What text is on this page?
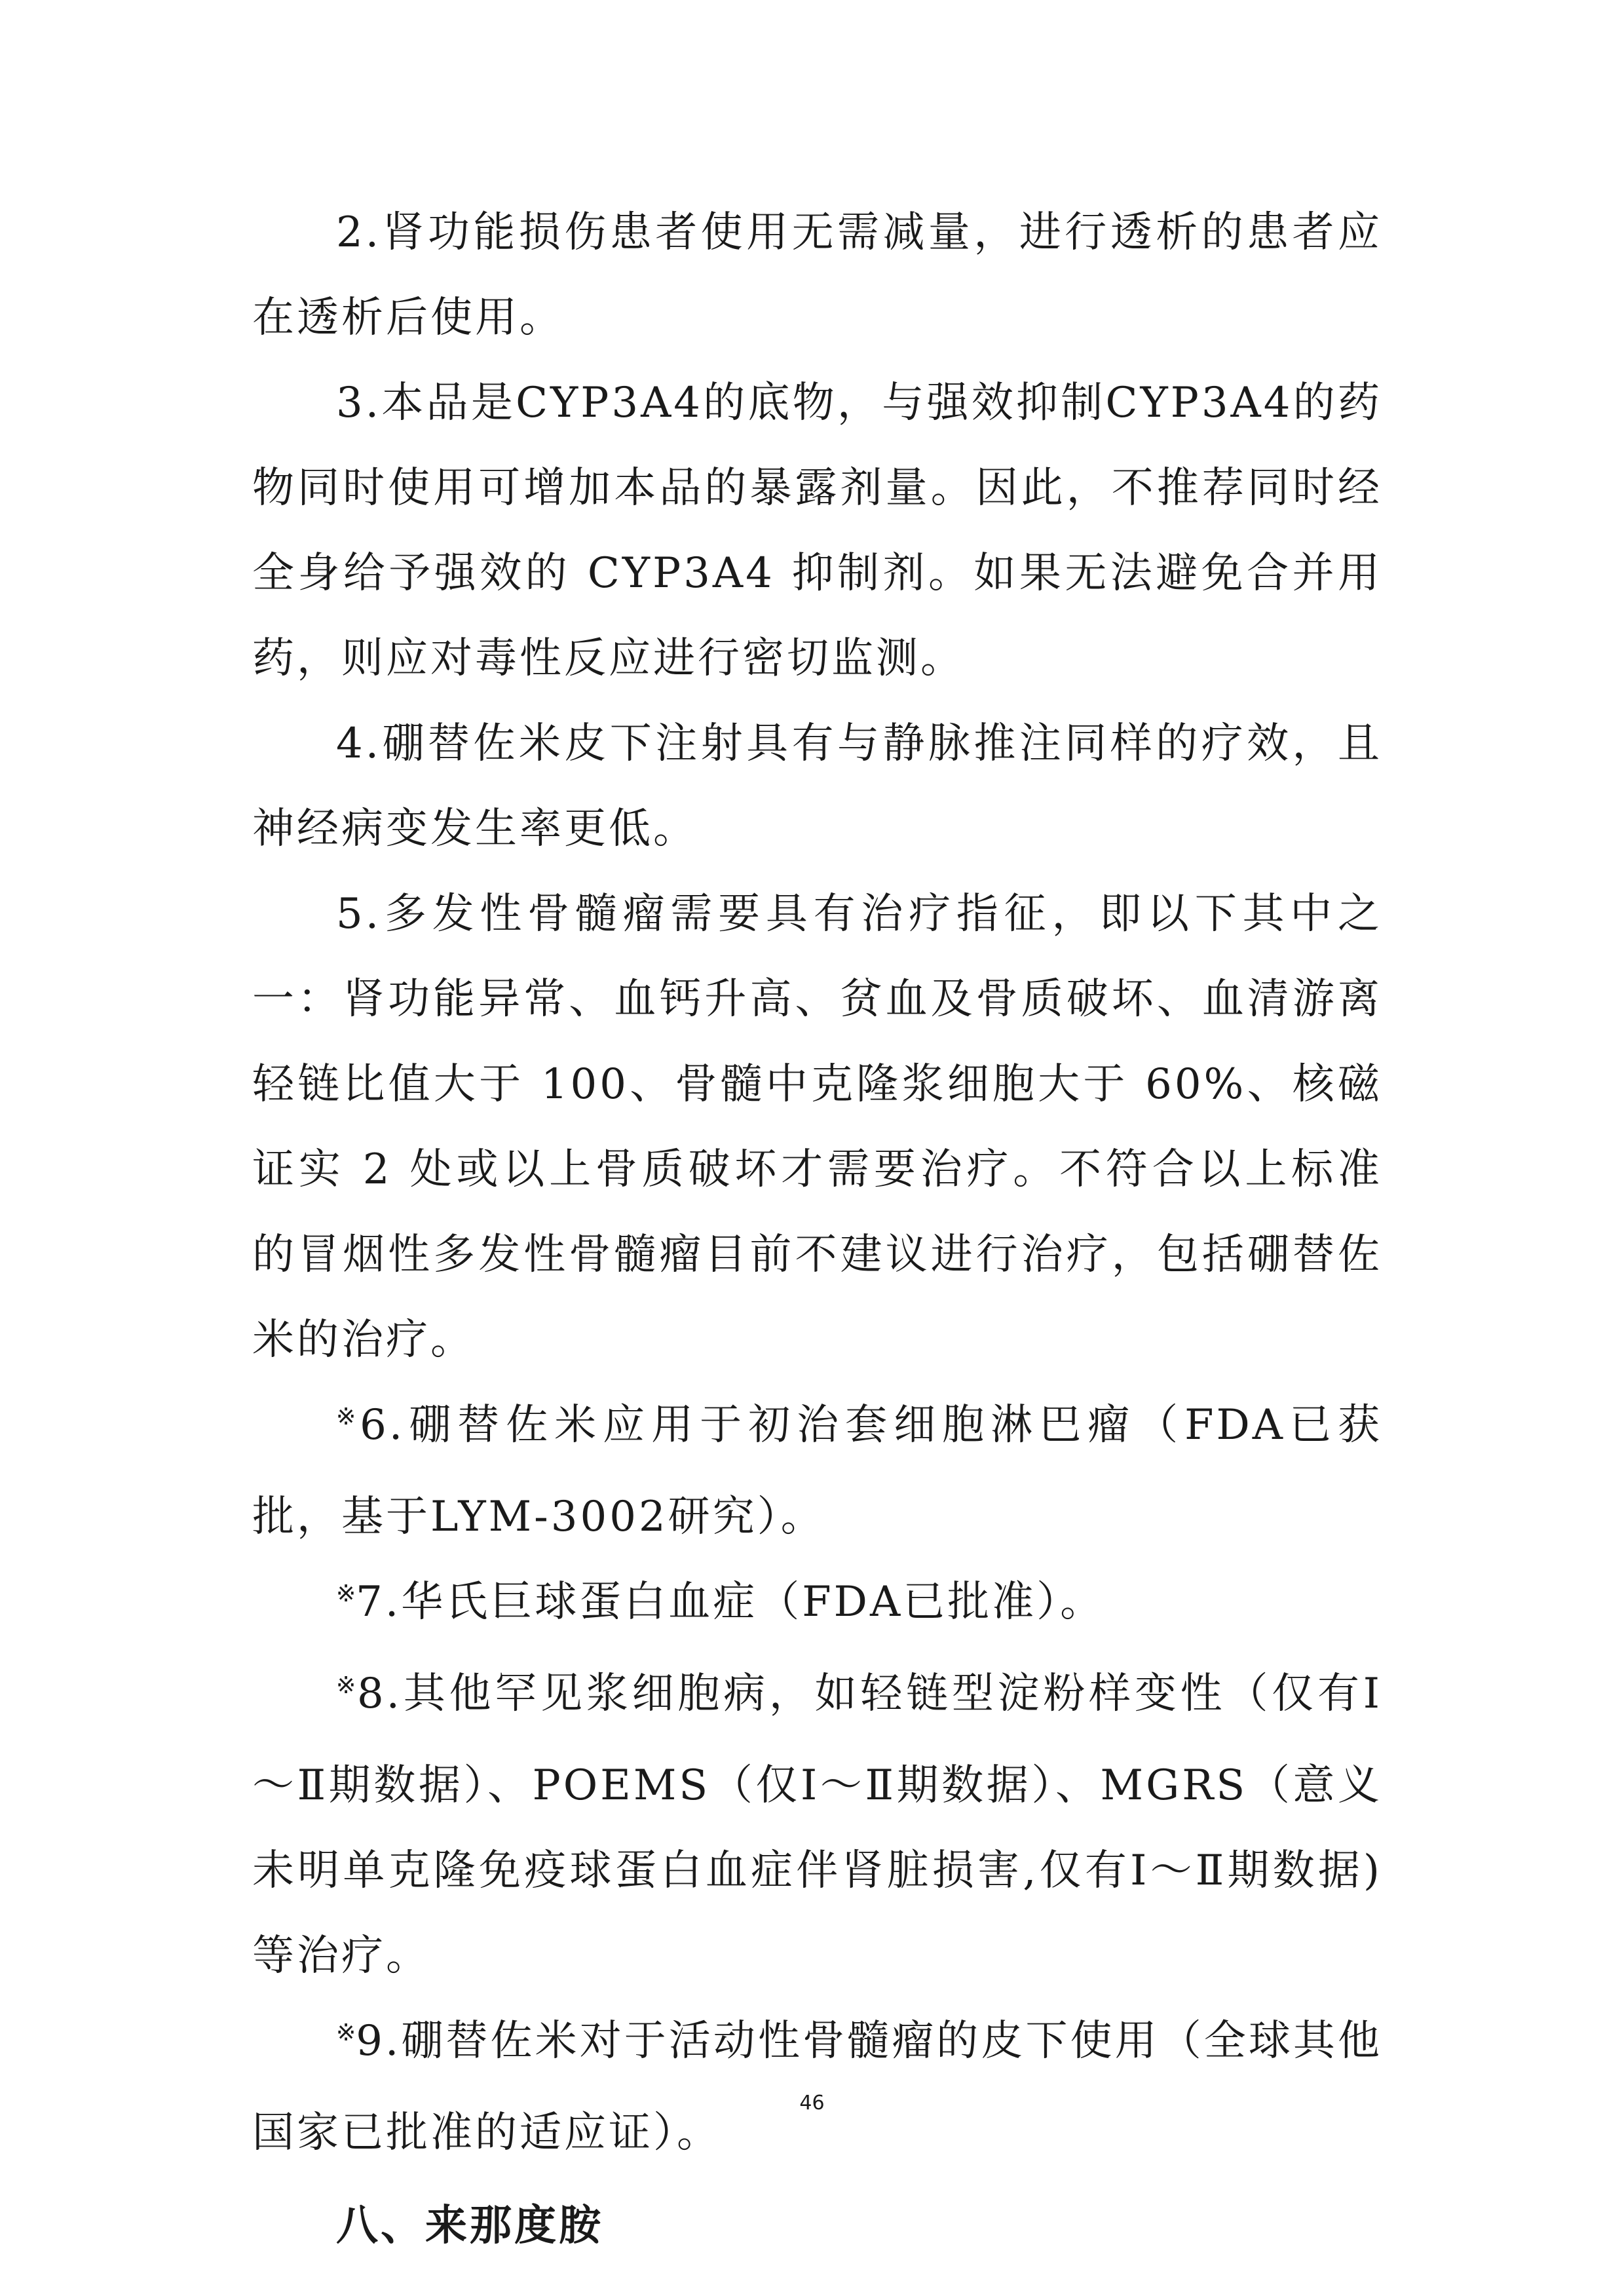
2.肾功能损伤患者使用无需减量，进行透析的患者应在透析后使用。

3.本品是CYP3A4的底物，与强效抑制CYP3A4的药物同时使用可增加本品的暴露剂量。因此，不推荐同时经全身给予强效的 CYP3A4 抑制剂。如果无法避免合并用药，则应对毒性反应进行密切监测。

4.硼替佐米皮下注射具有与静脉推注同样的疗效，且神经病变发生率更低。

5.多发性骨髓瘤需要具有治疗指征，即以下其中之一：肾功能异常、血钙升高、贫血及骨质破坏、血清游离轻链比值大于 100、骨髓中克隆浆细胞大于 60%、核磁证实 2 处或以上骨质破坏才需要治疗。不符合以上标准的冒烟性多发性骨髓瘤目前不建议进行治疗，包括硼替佐米的治疗。

※6.硼替佐米应用于初治套细胞淋巴瘤（FDA已获批，基于LYM-3002研究）。

※7.华氏巨球蛋白血症（FDA已批准）。

※8.其他罕见浆细胞病，如轻链型淀粉样变性（仅有Ⅰ～Ⅱ期数据）、POEMS（仅Ⅰ～Ⅱ期数据）、MGRS（意义未明单克隆免疫球蛋白血症伴肾脏损害,仅有Ⅰ～Ⅱ期数据)等治疗。

※9.硼替佐米对于活动性骨髓瘤的皮下使用（全球其他国家已批准的适应证）。

八、来那度胺
46
